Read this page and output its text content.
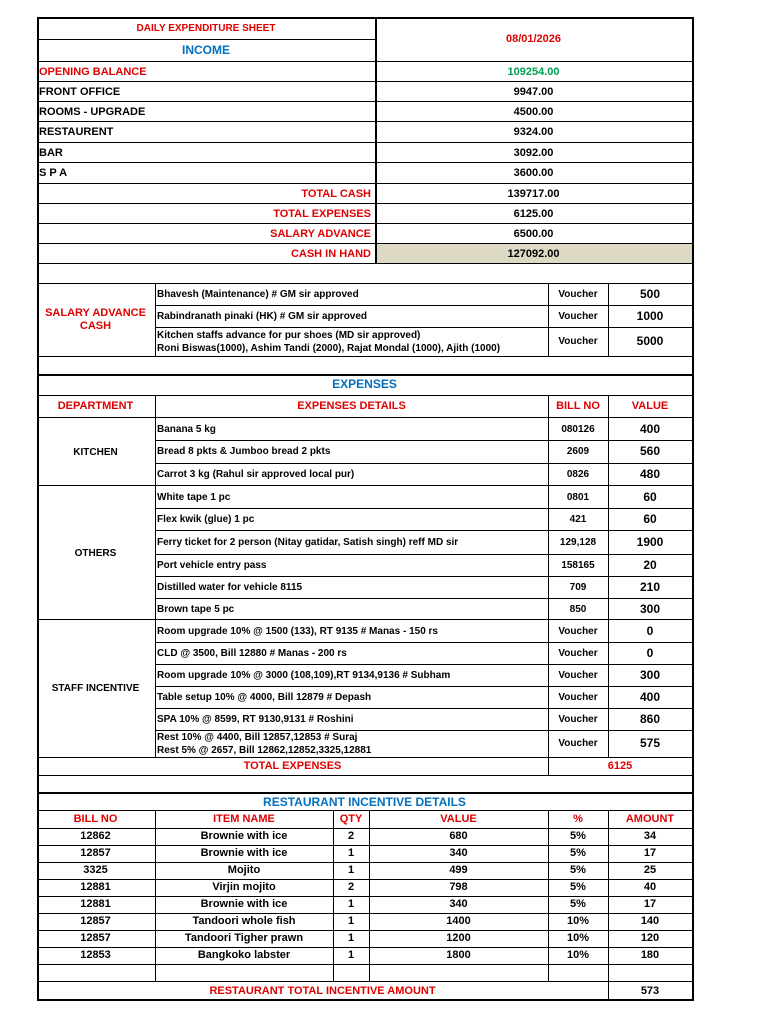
DAILY EXPENDITURE SHEET
INCOME
08/01/2026
OPENING BALANCE	109254.00
FRONT OFFICE	9947.00
ROOMS - UPGRADE	4500.00
RESTAURENT	9324.00
BAR	3092.00
S P A	3600.00
TOTAL CASH	139717.00
TOTAL EXPENSES	6125.00
SALARY ADVANCE	6500.00
CASH IN HAND	127092.00
SALARY ADVANCE CASH
Bhavesh (Maintenance) # GM sir approved	Voucher	500
Rabindranath pinaki (HK) # GM sir approved	Voucher	1000
Kitchen staffs advance for pur shoes (MD sir approved)
Roni Biswas(1000), Ashim Tandi (2000), Rajat Mondal (1000), Ajith (1000)
Voucher	5000
EXPENSES
DEPARTMENT	EXPENSES DETAILS	BILL NO	VALUE
KITCHEN
Banana 5 kg	080126	400
Bread 8 pkts & Jumboo bread 2 pkts	2609	560
Carrot 3 kg (Rahul sir approved local pur)	0826	480
OTHERS
White tape 1 pc	0801	60
Flex kwik (glue) 1 pc	421	60
Ferry ticket for 2 person (Nitay gatidar, Satish singh) reff MD sir	129,128	1900
Port vehicle entry pass	158165	20
Distilled water for vehicle 8115	709	210
Brown tape 5 pc	850	300
STAFF INCENTIVE
Room upgrade 10% @ 1500 (133), RT 9135 # Manas - 150 rs	Voucher	0
CLD @ 3500, Bill 12880 # Manas - 200 rs	Voucher	0
Room upgrade 10% @ 3000 (108,109),RT 9134,9136 # Subham	Voucher	300
Table setup 10% @ 4000, Bill 12879 # Depash	Voucher	400
SPA 10% @ 8599, RT 9130,9131 # Roshini	Voucher	860
Rest 10% @ 4400, Bill 12857,12853 # Suraj
Rest 5% @ 2657, Bill 12862,12852,3325,12881
Voucher	575
TOTAL EXPENSES	6125
RESTAURANT INCENTIVE DETAILS
BILL NO	ITEM NAME	QTY	VALUE	%	AMOUNT
12862	Brownie with ice	2	680	5%	34
12857	Brownie with ice	1	340	5%	17
3325	Mojito	1	499	5%	25
12881	Virjin mojito	2	798	5%	40
12881	Brownie with ice	1	340	5%	17
12857	Tandoori whole fish	1	1400	10%	140
12857	Tandoori Tigher prawn	1	1200	10%	120
12853	Bangkoko labster	1	1800	10%	180
RESTAURANT TOTAL INCENTIVE AMOUNT	573
